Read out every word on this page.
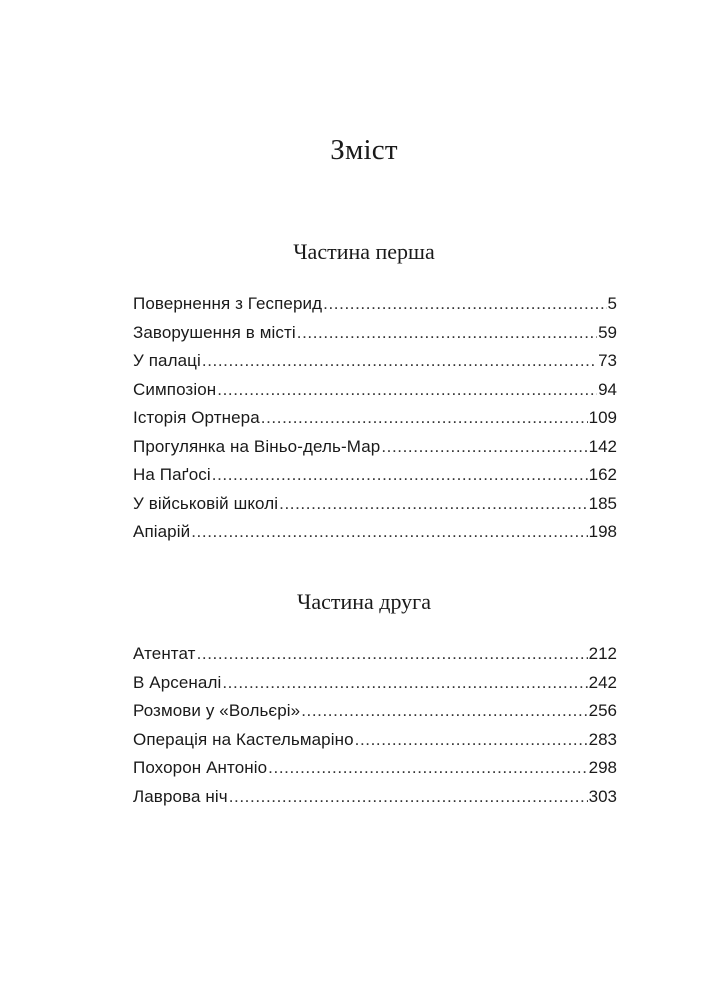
Зміст
Частина перша
Повернення з Гесперид .....	5
Заворушення в місті .....	59
У палаці .....	73
Симпозіон .....	94
Історія Ортнера .....	109
Прогулянка на Віньо-дель-Мар .....	142
На Паґосі .....	162
У військовій школі .....	185
Апіарій .....	198
Частина друга
Атентат .....	212
В Арсеналі .....	242
Розмови у «Вольєрі» .....	256
Операція на Кастельмаріно .....	283
Похорон Антоніо .....	298
Лаврова ніч .....	303
